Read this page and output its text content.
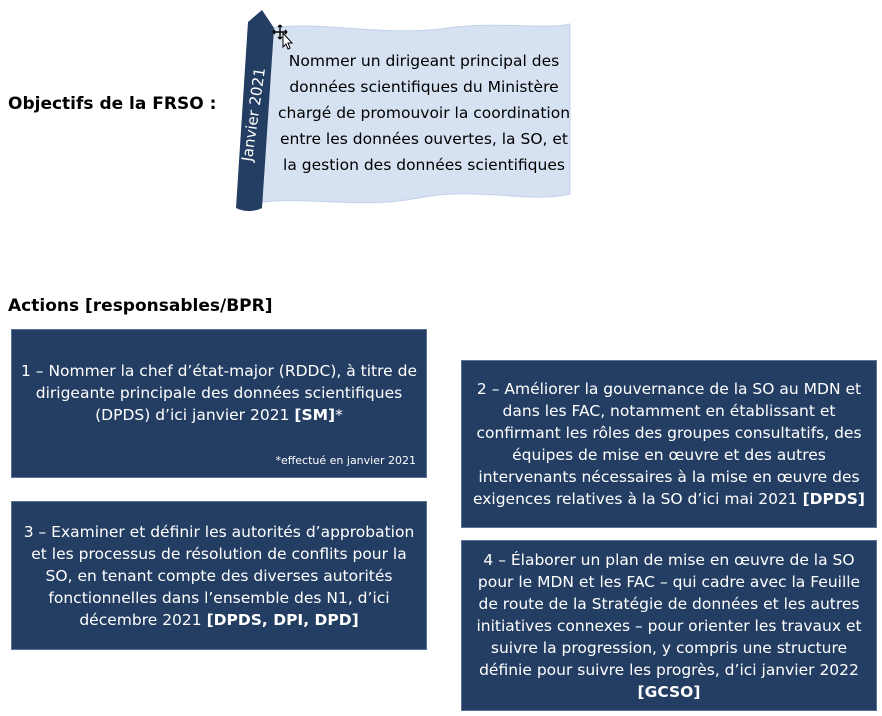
Objectifs de la FRSO : Janvier 2021
Nommer un dirigeant principal des données scientifiques du Ministère chargé de promouvoir la coordination entre les données ouvertes, la SO, et la gestion des données scientifiques
Actions [responsables/BPR]
1 – Nommer la chef d’état-major (RDDC), à titre de dirigeante principale des données scientifiques (DPDS) d’ici janvier 2021 [SM]*
*effectué en janvier 2021
2 – Améliorer la gouvernance de la SO au MDN et dans les FAC, notamment en établissant et confirmant les rôles des groupes consultatifs, des équipes de mise en œuvre et des autres intervenants nécessaires à la mise en œuvre des exigences relatives à la SO d’ici mai 2021 [DPDS]
3 – Examiner et définir les autorités d’approbation et les processus de résolution de conflits pour la SO, en tenant compte des diverses autorités fonctionnelles dans l’ensemble des N1, d’ici décembre 2021 [DPDS, DPI, DPD]
4 – Élaborer un plan de mise en œuvre de la SO pour le MDN et les FAC – qui cadre avec la Feuille de route de la Stratégie de données et les autres initiatives connexes – pour orienter les travaux et suivre la progression, y compris une structure définie pour suivre les progrès, d’ici janvier 2022 [GCSO]
